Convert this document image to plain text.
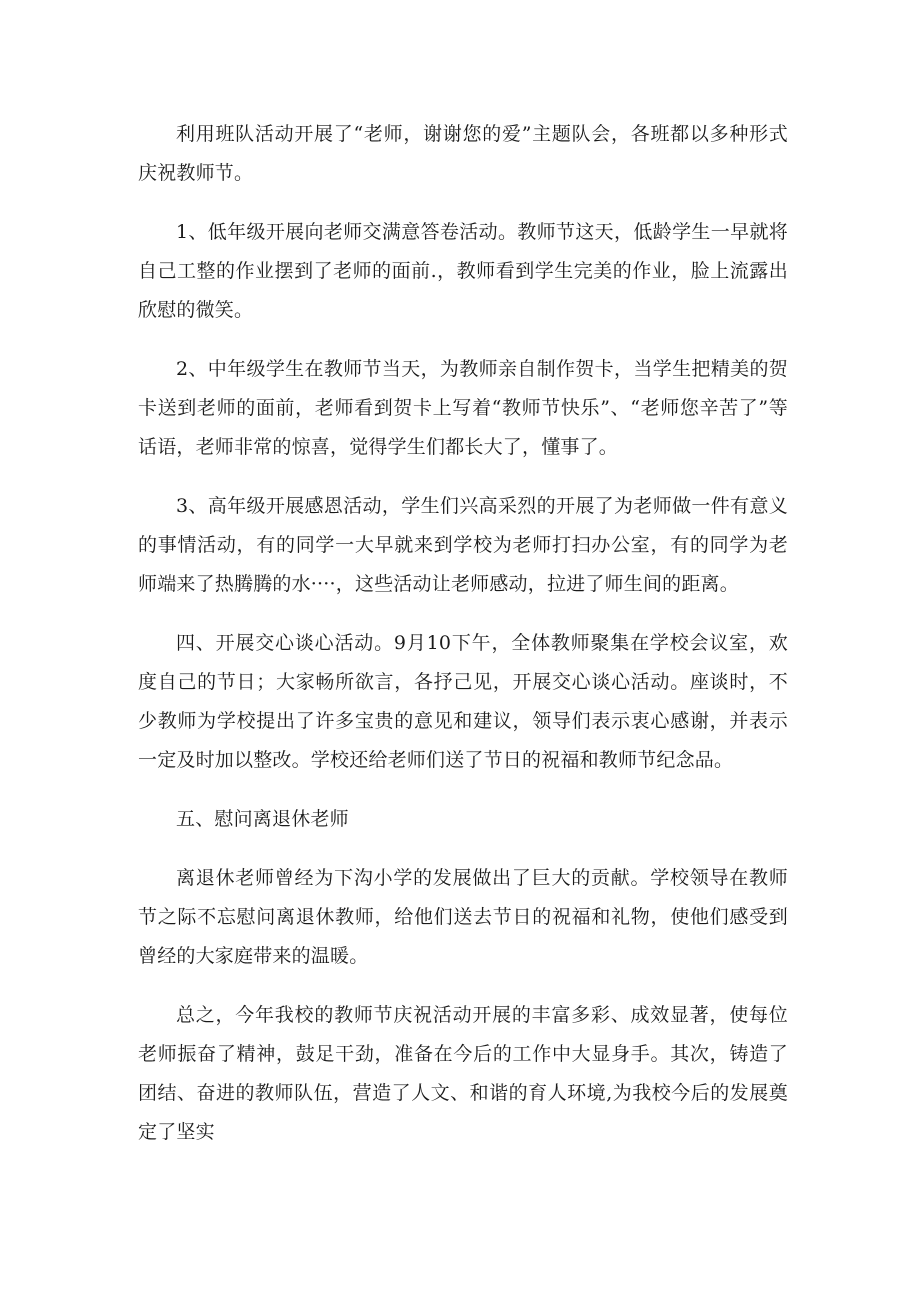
利用班队活动开展了“老师，谢谢您的爱”主题队会，各班都以多种形式庆祝教师节。

1、低年级开展向老师交满意答卷活动。教师节这天，低龄学生一早就将自己工整的作业摆到了老师的面前.，教师看到学生完美的作业，脸上流露出欣慰的微笑。

2、中年级学生在教师节当天，为教师亲自制作贺卡，当学生把精美的贺卡送到老师的面前，老师看到贺卡上写着“教师节快乐”、“老师您辛苦了”等话语，老师非常的惊喜，觉得学生们都长大了，懂事了。

3、高年级开展感恩活动，学生们兴高采烈的开展了为老师做一件有意义的事情活动，有的同学一大早就来到学校为老师打扫办公室，有的同学为老师端来了热腾腾的水····，这些活动让老师感动，拉进了师生间的距离。

四、开展交心谈心活动。9月10下午，全体教师聚集在学校会议室，欢度自己的节日；大家畅所欲言，各抒己见，开展交心谈心活动。座谈时，不少教师为学校提出了许多宝贵的意见和建议，领导们表示衷心感谢，并表示一定及时加以整改。学校还给老师们送了节日的祝福和教师节纪念品。

五、慰问离退休老师

离退休老师曾经为下沟小学的发展做出了巨大的贡献。学校领导在教师节之际不忘慰问离退休教师，给他们送去节日的祝福和礼物，使他们感受到曾经的大家庭带来的温暖。

总之，今年我校的教师节庆祝活动开展的丰富多彩、成效显著，使每位老师振奋了精神，鼓足干劲，准备在今后的工作中大显身手。其次，铸造了团结、奋进的教师队伍，营造了人文、和谐的育人环境,为我校今后的发展奠定了坚实
